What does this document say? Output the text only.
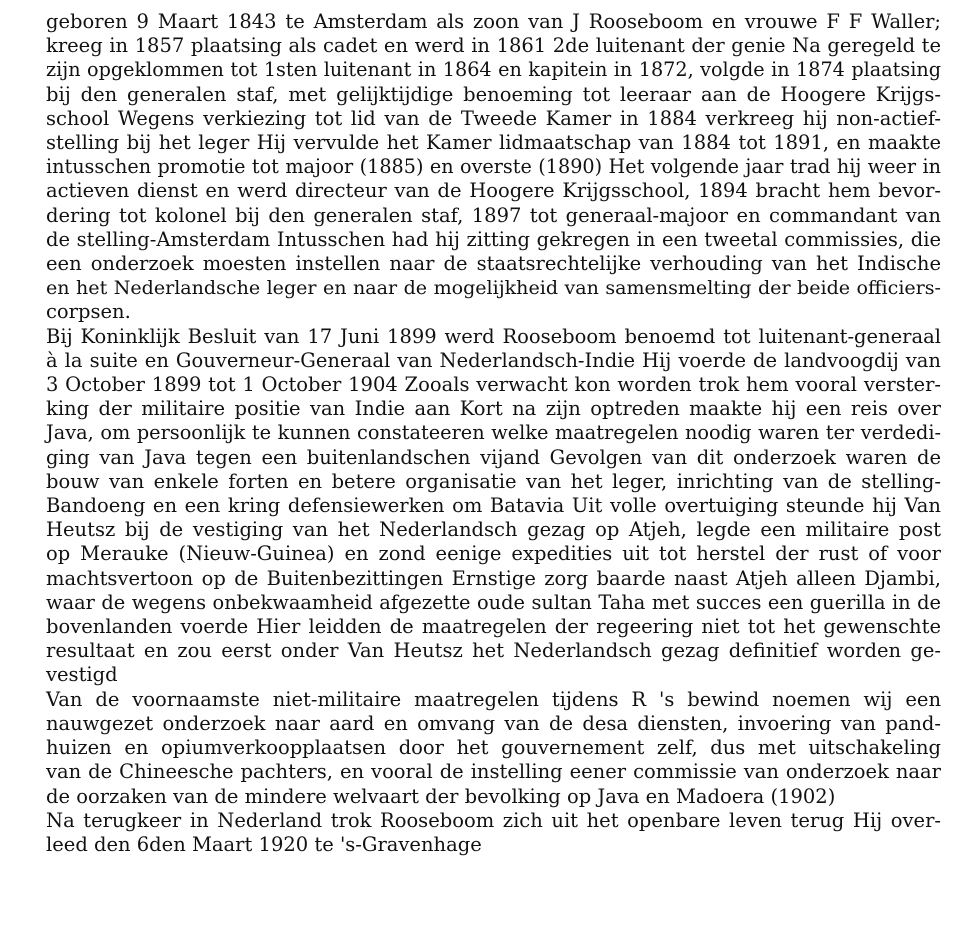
geboren 9 Maart 1843 te Amsterdam als zoon van J Rooseboom en vrouwe F F Waller;
kreeg in 1857 plaatsing als cadet en werd in 1861 2de luitenant der genie Na geregeld te
zijn opgeklommen tot 1sten luitenant in 1864 en kapitein in 1872, volgde in 1874 plaatsing
bij den generalen staf, met gelijktijdige benoeming tot leeraar aan de Hoogere Krijgs-
school Wegens verkiezing tot lid van de Tweede Kamer in 1884 verkreeg hij non-actief-
stelling bij het leger Hij vervulde het Kamer lidmaatschap van 1884 tot 1891, en maakte
intusschen promotie tot majoor (1885) en overste (1890) Het volgende jaar trad hij weer in
actieven dienst en werd directeur van de Hoogere Krijgsschool, 1894 bracht hem bevor-
dering tot kolonel bij den generalen staf, 1897 tot generaal-majoor en commandant van
de stelling-Amsterdam Intusschen had hij zitting gekregen in een tweetal commissies, die
een onderzoek moesten instellen naar de staatsrechtelijke verhouding van het Indische
en het Nederlandsche leger en naar de mogelijkheid van samensmelting der beide officiers-
corpsen.
Bij Koninklijk Besluit van 17 Juni 1899 werd Rooseboom benoemd tot luitenant-generaal
à la suite en Gouverneur-Generaal van Nederlandsch-Indie Hij voerde de landvoogdij van
3 October 1899 tot 1 October 1904 Zooals verwacht kon worden trok hem vooral verster-
king der militaire positie van Indie aan Kort na zijn optreden maakte hij een reis over
Java, om persoonlijk te kunnen constateeren welke maatregelen noodig waren ter verdedi-
ging van Java tegen een buitenlandschen vijand Gevolgen van dit onderzoek waren de
bouw van enkele forten en betere organisatie van het leger, inrichting van de stelling-
Bandoeng en een kring defensiewerken om Batavia Uit volle overtuiging steunde hij Van
Heutsz bij de vestiging van het Nederlandsch gezag op Atjeh, legde een militaire post
op Merauke (Nieuw-Guinea) en zond eenige expedities uit tot herstel der rust of voor
machtsvertoon op de Buitenbezittingen Ernstige zorg baarde naast Atjeh alleen Djambi,
waar de wegens onbekwaamheid afgezette oude sultan Taha met succes een guerilla in de
bovenlanden voerde Hier leidden de maatregelen der regeering niet tot het gewenschte
resultaat en zou eerst onder Van Heutsz het Nederlandsch gezag definitief worden ge-
vestigd
Van de voornaamste niet-militaire maatregelen tijdens R 's bewind noemen wij een
nauwgezet onderzoek naar aard en omvang van de desa diensten, invoering van pand-
huizen en opiumverkoopplaatsen door het gouvernement zelf, dus met uitschakeling
van de Chineesche pachters, en vooral de instelling eener commissie van onderzoek naar
de oorzaken van de mindere welvaart der bevolking op Java en Madoera (1902)
Na terugkeer in Nederland trok Rooseboom zich uit het openbare leven terug Hij over-
leed den 6den Maart 1920 te 's-Gravenhage
